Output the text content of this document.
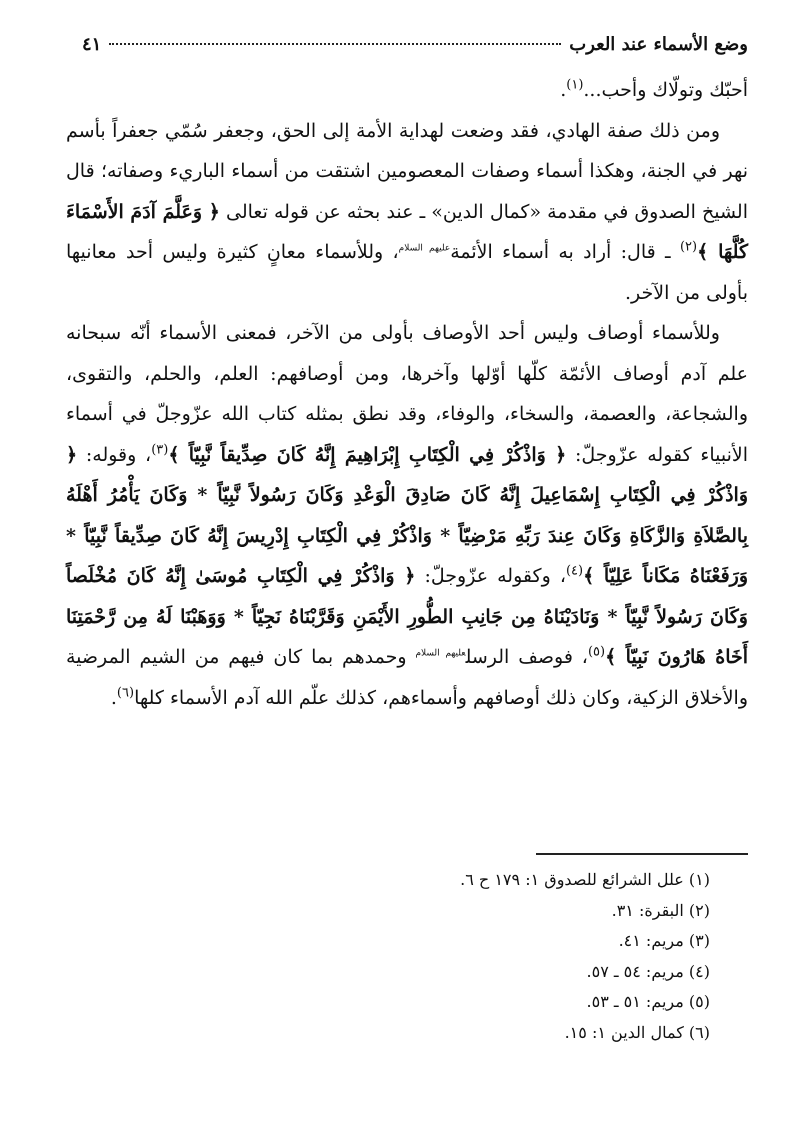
وضع الأسماء عند العرب
٤١

أحبّك وتولّاك وأحب...$^{(١)}$.

ومن ذلك صفة الهادي، فقد وضعت لهداية الأمة إلى الحق، وجعفر سُمّي جعفراً بأسم نهر في الجنة، وهكذا أسماء وصفات المعصومين اشتقت من أسماء الباريء وصفاته؛ قال الشيخ الصدوق في مقدمة «كمال الدين» ـ عند بحثه عن قوله تعالى ﴿ وَعَلَّمَ آدَمَ الأَسْمَاءَ كُلَّهَا ﴾$^{(٢)}$ ـ قال: أراد به أسماء الأئمة$^{عليهم السلام}$، وللأسماء معانٍ كثيرة وليس أحد معانيها بأولى من الآخر.

وللأسماء أوصاف وليس أحد الأوصاف بأولى من الآخر، فمعنى الأسماء أنّه سبحانه علم آدم أوصاف الأئمّة كلّها أوّلها وآخرها، ومن أوصافهم: العلم، والحلم، والتقوى، والشجاعة، والعصمة، والسخاء، والوفاء، وقد نطق بمثله كتاب الله عزّوجلّ في أسماء الأنبياء كقوله عزّوجلّ: ﴿ وَاذْكُرْ فِي الْكِتَابِ إِبْرَاهِيمَ إِنَّهُ كَانَ صِدِّيقاً نَّبِيّاً ﴾$^{(٣)}$، وقوله: ﴿ وَاذْكُرْ فِي الْكِتَابِ إِسْمَاعِيلَ إِنَّهُ كَانَ صَادِقَ الْوَعْدِ وَكَانَ رَسُولاً نَّبِيّاً * وَكَانَ يَأْمُرُ أَهْلَهُ بِالصَّلاَةِ وَالزَّكَاةِ وَكَانَ عِندَ رَبِّهِ مَرْضِيّاً * وَاذْكُرْ فِي الْكِتَابِ إِدْرِيسَ إِنَّهُ كَانَ صِدِّيقاً نَّبِيّاً * وَرَفَعْنَاهُ مَكَاناً عَلِيّاً ﴾$^{(٤)}$، وكقوله عزّوجلّ: ﴿ وَاذْكُرْ فِي الْكِتَابِ مُوسَىٰ إِنَّهُ كَانَ مُخْلَصاً وَكَانَ رَسُولاً نَّبِيّاً * وَنَادَيْنَاهُ مِن جَانِبِ الطُّورِ الأَيْمَنِ وَقَرَّبْنَاهُ نَجِيّاً * وَوَهَبْنَا لَهُ مِن رَّحْمَتِنَا أَخَاهُ هَارُونَ نَبِيّاً ﴾$^{(٥)}$، فوصف الرسل$^{عليهم السلام}$ وحمدهم بما كان فيهم من الشيم المرضية والأخلاق الزكية، وكان ذلك أوصافهم وأسماءهم، كذلك علّم الله آدم الأسماء كلها$^{(٦)}$.

(١) علل الشرائع للصدوق ١: ١٧٩ ح ٦.

(٢) البقرة: ٣١.

(٣) مريم: ٤١.

(٤) مريم: ٥٤ ـ ٥٧.

(٥) مريم: ٥١ ـ ٥٣.

(٦) كمال الدين ١: ١٥.
